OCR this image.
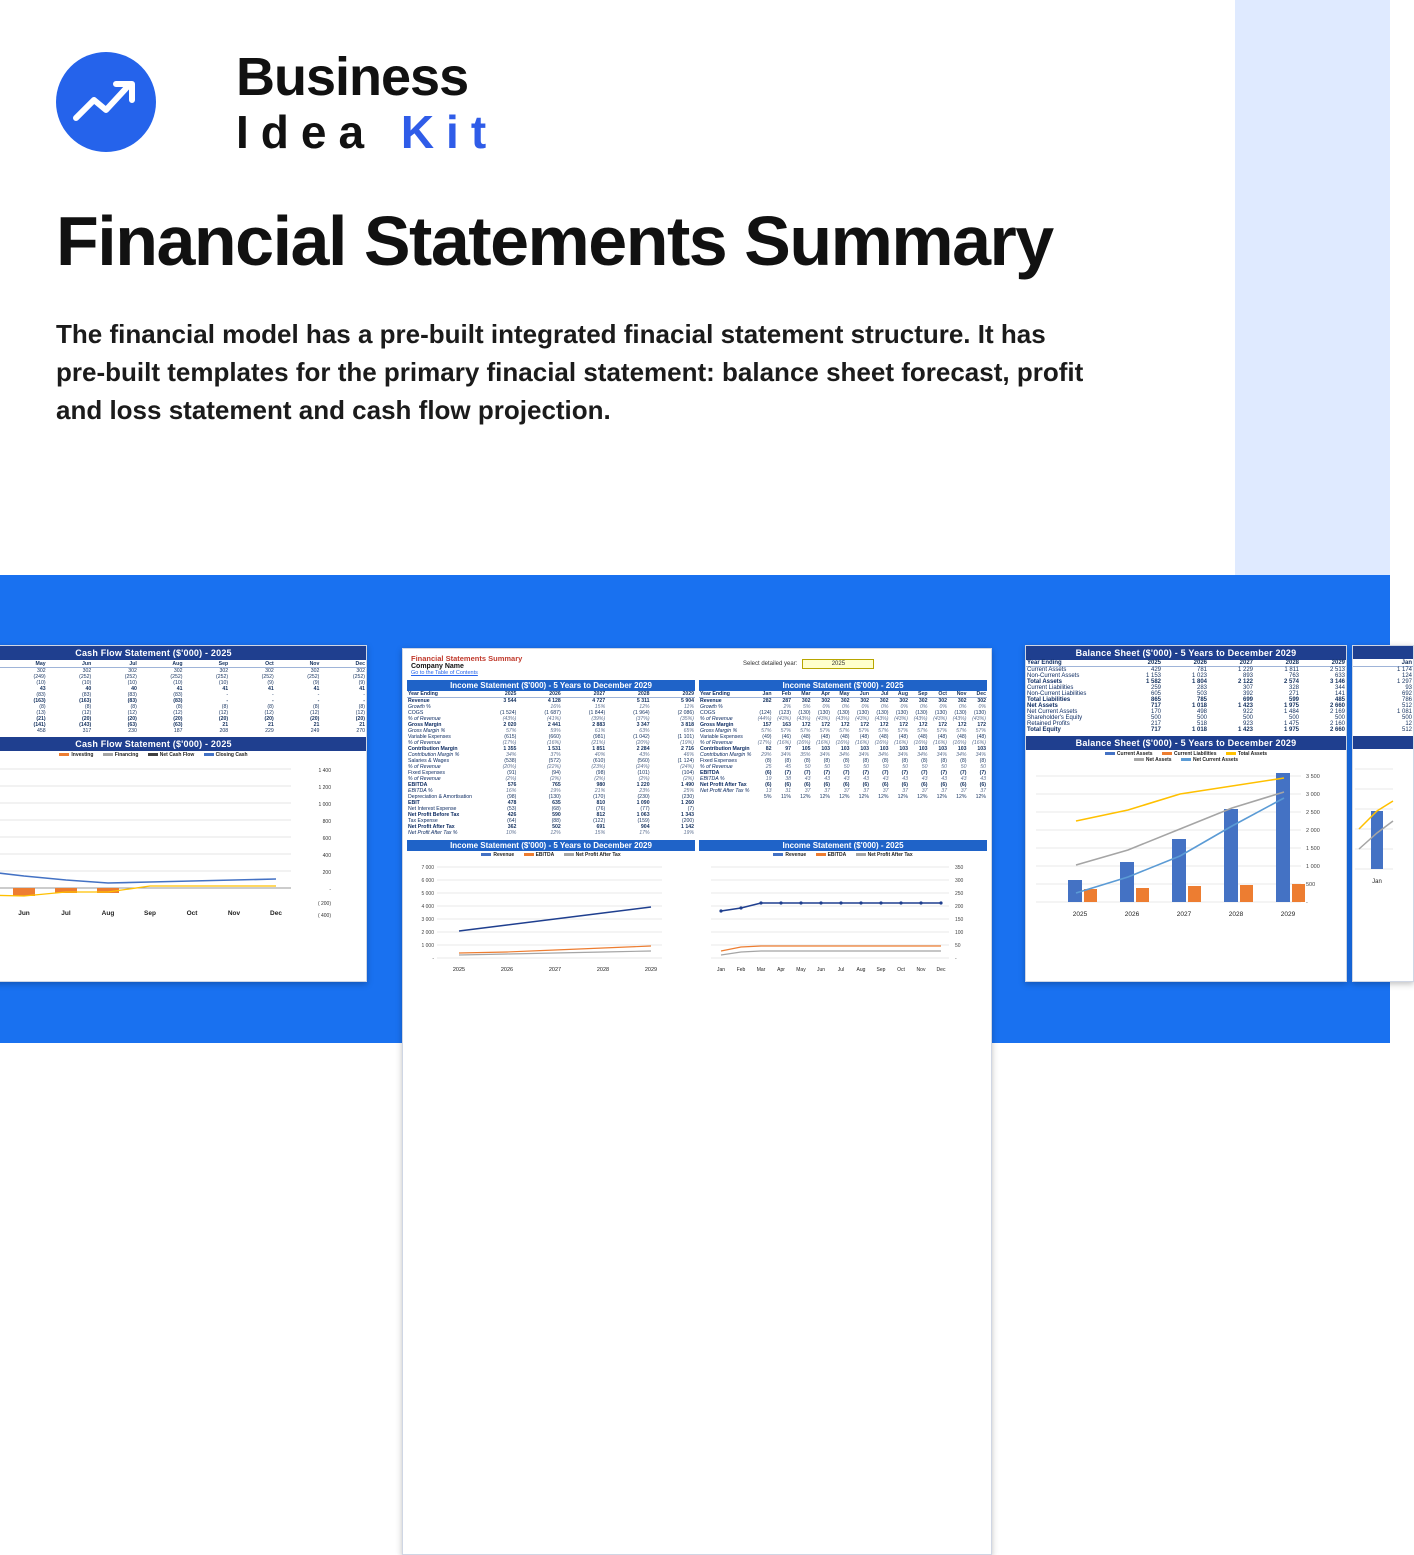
Business
Idea Kit
Financial Statements Summary
The financial model has a pre-built integrated finacial statement structure. It has pre-built templates for the primary finacial statement: balance sheet forecast, profit and loss statement and cash flow projection.
Cash Flow Statement ($'000) - 2025
	May	Jun	Jul	Aug	Sep	Oct	Nov	Dec
	302	302	302	302	302	302	302	302
	(249)	(252)	(252)	(252)	(252)	(252)	(252)	(252)
	(10)	(10)	(10)	(10)	(10)	(9)	(9)	(9)
	43	40	40	41	41	41	41	41
	(83)	(83)	(83)	(83)	-	-	-	-
	(163)	(163)	(83)	(83)	-	-	-	-
	(8)	(8)	(8)	(8)	(8)	(8)	(8)	(8)
	(13)	(12)	(12)	(12)	(12)	(12)	(12)	(12)
	(21)	(20)	(20)	(20)	(20)	(20)	(20)	(20)
	(141)	(143)	(63)	(63)	21	21	21	21
	458	317	230	187	208	229	249	270
Cash Flow Statement ($'000) - 2025
Investing	Financing	Net Cash Flow	Closing Cash
1 400
1 200
1 000
800
600
400
200
-
( 200)
( 400)
Jun	Jul	Aug	Sep	Oct	Nov	Dec
Financial Statements Summary
Company Name
Go to the Table of Contents
Select detailed year:	2025
Income Statement ($'000) - 5 Years to December 2029
Year Ending	2025	2026	2027	2028	2029
Revenue	3 544	4 128	4 727	5 311	5 904
Growth %		16%	15%	12%	11%
COGS	(1 524)	(1 687)	(1 844)	(1 964)	(2 086)
% of Revenue	(43%)	(41%)	(39%)	(37%)	(35%)
Gross Margin	2 020	2 441	2 883	3 347	3 818
Gross Margin %	57%	59%	61%	63%	65%
Variable Expenses	(615)	(660)	(981)	(1 042)	(1 101)
% of Revenue	(17%)	(16%)	(21%)	(20%)	(19%)
Contribution Margin	1 355	1 531	1 851	2 284	2 716
Contribution Margin %	34%	37%	40%	43%	46%
Salaries & Wages	(538)	(572)	(610)	(560)	(1 124)
% of Revenue	(20%)	(22%)	(23%)	(24%)	(24%)
Fixed Expenses	(91)	(94)	(98)	(101)	(104)
% of Revenue	(2%)	(2%)	(2%)	(2%)	(2%)
EBITDA	576	765	980	1 220	1 490
EBITDA %	16%	19%	21%	23%	25%
Depreciation & Amortisation	(98)	(130)	(170)	(230)	(230)
EBIT	478	635	810	1 090	1 260
Net Interest Expense	(53)	(68)	(76)	(77)	(7)
Net Profit Before Tax	426	590	812	1 063	1 343
Tax Expense	(64)	(88)	(122)	(159)	(200)
Net Profit After Tax	362	502	691	904	1 142
Net Profit After Tax %	10%	12%	15%	17%	19%
Income Statement ($'000) - 2025
Year Ending	Jan	Feb	Mar	Apr	May	Jun	Jul	Aug	Sep	Oct	Nov	Dec
Revenue	282	287	302	302	302	302	302	302	302	302	302	302
Growth %		2%	5%	0%	0%	0%	0%	0%	0%	0%	0%	0%
COGS	(124)	(123)	(130)	(130)	(130)	(130)	(130)	(130)	(130)	(130)	(130)	(130)
% of Revenue	(44%)	(43%)	(43%)	(43%)	(43%)	(43%)	(43%)	(43%)	(43%)	(43%)	(43%)	(43%)
Gross Margin	157	163	172	172	172	172	172	172	172	172	172	172
Gross Margin %	57%	57%	57%	57%	57%	57%	57%	57%	57%	57%	57%	57%
Variable Expenses	(49)	(46)	(48)	(48)	(48)	(48)	(48)	(48)	(48)	(48)	(48)	(48)
% of Revenue	(17%)	(16%)	(16%)	(16%)	(16%)	(16%)	(16%)	(16%)	(16%)	(16%)	(16%)	(16%)
Contribution Margin	82	97	105	103	103	103	103	103	103	103	103	103
Contribution Margin %	29%	34%	35%	34%	34%	34%	34%	34%	34%	34%	34%	34%
Fixed Expenses	(8)	(8)	(8)	(8)	(8)	(8)	(8)	(8)	(8)	(8)	(8)	(8)
% of Revenue	25	45	50	50	50	50	50	50	50	50	50	50
EBITDA	(6)	(7)	(7)	(7)	(7)	(7)	(7)	(7)	(7)	(7)	(7)	(7)
EBITDA %	19	38	43	43	43	43	43	43	43	43	43	43
Net Profit After Tax	(6)	(6)	(6)	(6)	(6)	(6)	(6)	(6)	(6)	(6)	(6)	(6)
Net Profit After Tax %	13	31	37	37	37	37	37	37	37	37	37	37
	5%	11%	12%	12%	12%	12%	12%	12%	12%	12%	12%	12%
Income Statement ($'000) - 5 Years to December 2029
Revenue	EBITDA	Net Profit After Tax
7 000
6 000
5 000
4 000
3 000
2 000
1 000
-
2025	2026	2027	2028	2029
Income Statement ($'000) - 2025
Revenue	EBITDA	Net Profit After Tax
350
300
250
200
150
100
50
-
Jan Feb Mar Apr May Jun	Jul Aug Sep Oct Nov Dec
Balance Sheet ($'000) - 5 Years to December 2029
Year Ending	2025	2026	2027	2028	2029
Current Assets	429	781	1 229	1 811	2 513
Non-Current Assets	1 153	1 023	893	763	633
Total Assets	1 582	1 804	2 122	2 574	3 146
Current Liabilities	259	283	307	328	344
Non-Current Liabilities	605	503	392	271	141
Total Liabilities	865	785	699	599	485
Net Assets	717	1 018	1 423	1 975	2 660
Net Current Assets	170	498	922	1 484	2 169
Shareholder's Equity	500	500	500	500	500
Retained Profits	217	518	923	1 475	2 160
Total Equity	717	1 018	1 423	1 975	2 660
Balance Sheet ($'000) - 5 Years to December 2029
Current Assets	Current Liabilities	Total Assets
Net Assets	Net Current Assets
3 500
3 000
2 500
2 000
1 500
1 000
500
-
2025	2026	2027	2028	2029
	Jan
	1 174
	124
	1 297
	93
	692
	786
	512
	1 081
	500
	12
	512
Jan
